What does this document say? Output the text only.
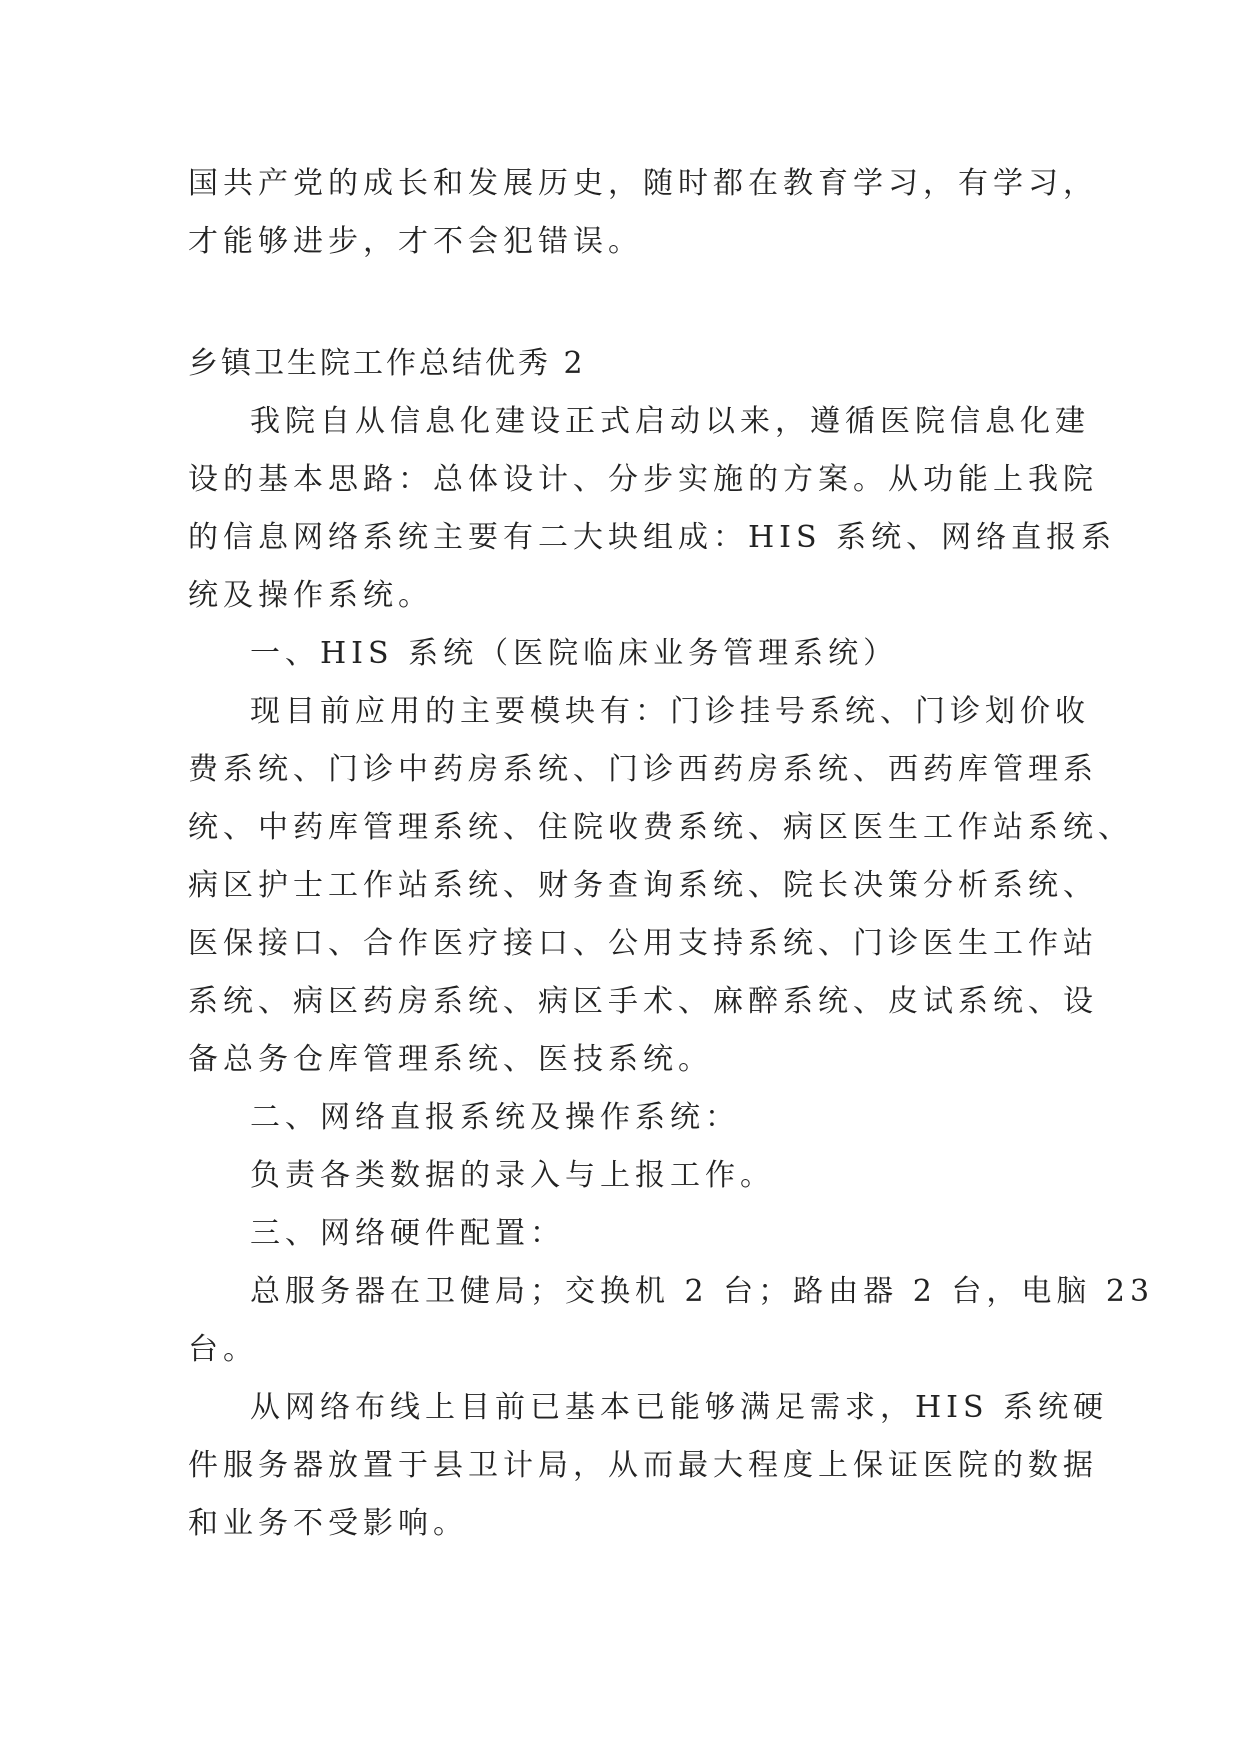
国共产党的成长和发展历史，随时都在教育学习，有学习，
才能够进步，才不会犯错误。
乡镇卫生院工作总结优秀 2
我院自从信息化建设正式启动以来，遵循医院信息化建
设的基本思路：总体设计、分步实施的方案。从功能上我院
的信息网络系统主要有二大块组成：HIS 系统、网络直报系
统及操作系统。
一、HIS 系统（医院临床业务管理系统）
现目前应用的主要模块有：门诊挂号系统、门诊划价收
费系统、门诊中药房系统、门诊西药房系统、西药库管理系
统、中药库管理系统、住院收费系统、病区医生工作站系统、
病区护士工作站系统、财务查询系统、院长决策分析系统、
医保接口、合作医疗接口、公用支持系统、门诊医生工作站
系统、病区药房系统、病区手术、麻醉系统、皮试系统、设
备总务仓库管理系统、医技系统。
二、网络直报系统及操作系统：
负责各类数据的录入与上报工作。
三、网络硬件配置：
总服务器在卫健局；交换机 2 台；路由器 2 台，电脑 23
台。
从网络布线上目前已基本已能够满足需求，HIS 系统硬
件服务器放置于县卫计局，从而最大程度上保证医院的数据
和业务不受影响。
